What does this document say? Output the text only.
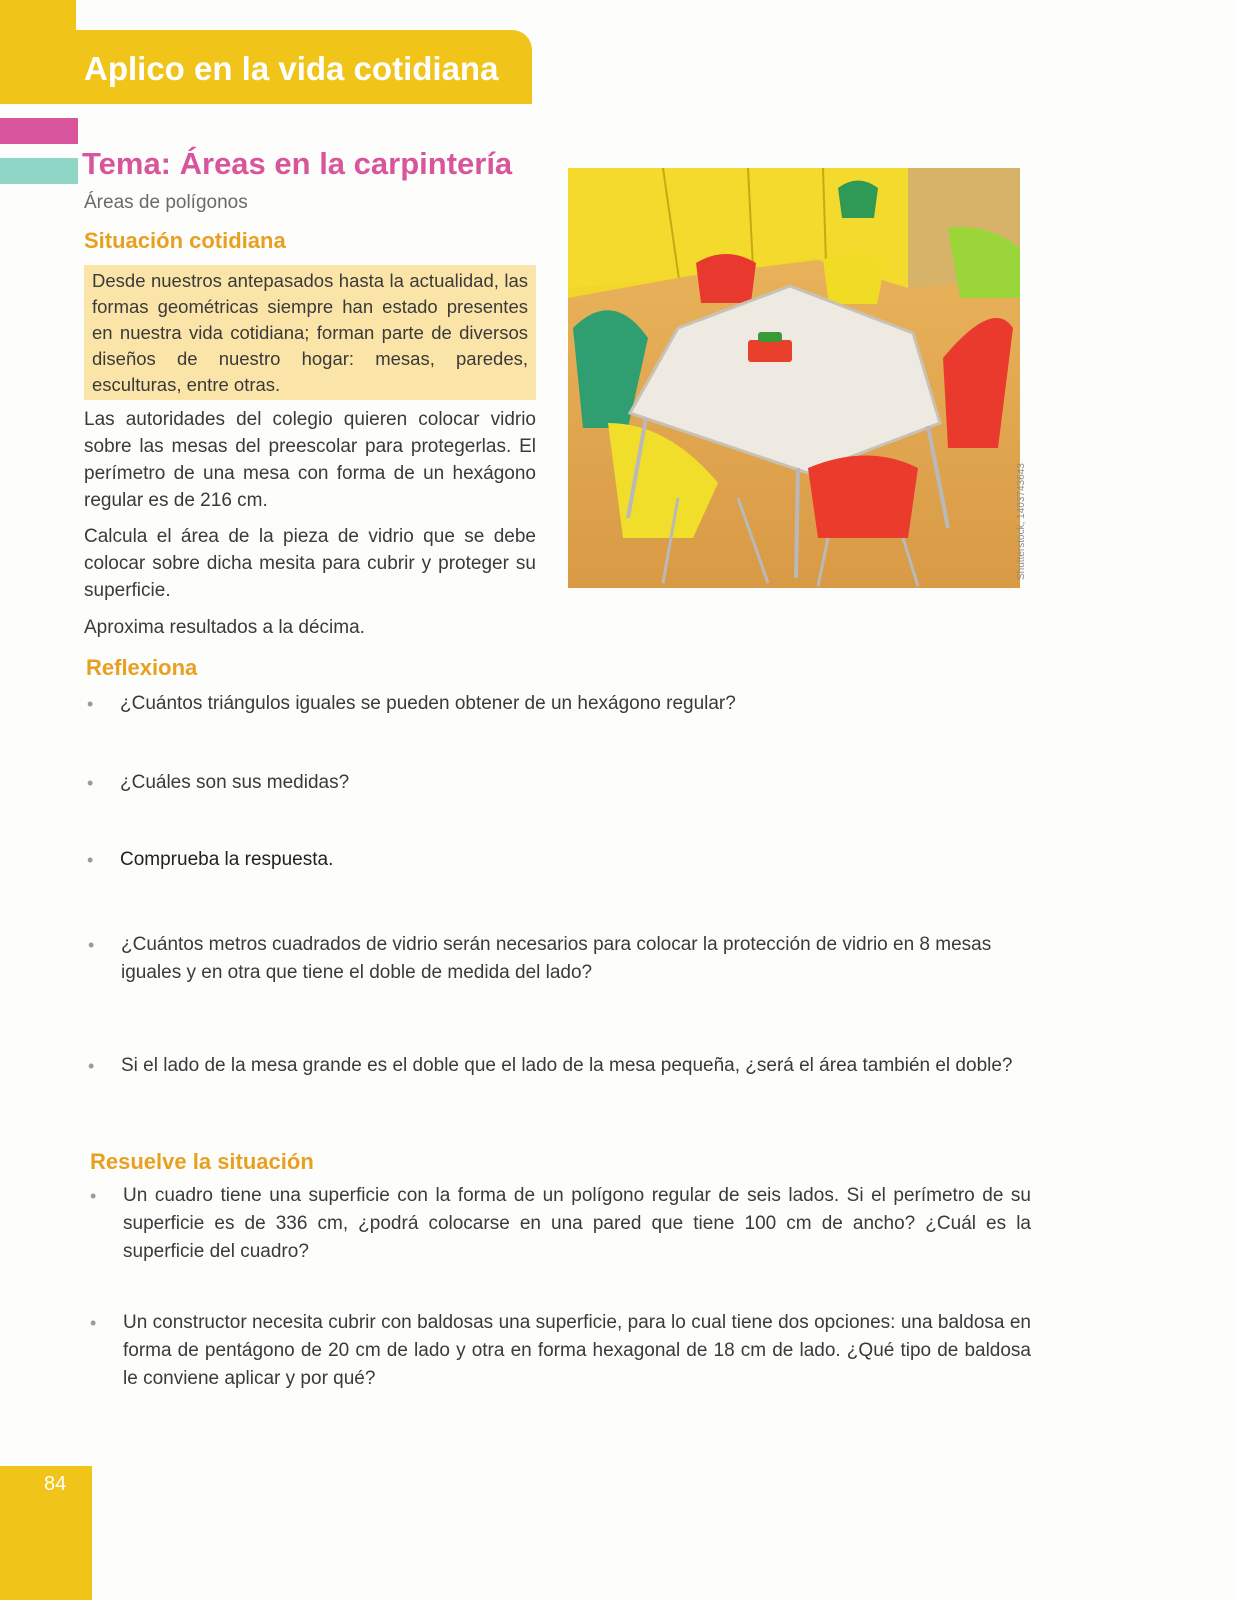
Aplico en la vida cotidiana
Tema: Áreas en la carpintería
Áreas de polígonos
Situación cotidiana
Desde nuestros antepasados hasta la actualidad, las formas geométricas siempre han estado presentes en nuestra vida cotidiana; forman parte de diversos diseños de nuestro hogar: mesas, paredes, esculturas, entre otras.
Las autoridades del colegio quieren colocar vidrio sobre las mesas del preescolar para protegerlas. El perímetro de una mesa con forma de un hexágono regular es de 216 cm.
Calcula el área de la pieza de vidrio que se debe colocar sobre dicha mesita para cubrir y proteger su superficie.
Aproxima resultados a la décima.
Shutterstock, 1403743643
Reflexiona
• ¿Cuántos triángulos iguales se pueden obtener de un hexágono regular?
• ¿Cuáles son sus medidas?
• Comprueba la respuesta.
• ¿Cuántos metros cuadrados de vidrio serán necesarios para colocar la protección de vidrio en 8 mesas iguales y en otra que tiene el doble de medida del lado?
• Si el lado de la mesa grande es el doble que el lado de la mesa pequeña, ¿será el área también el doble?
Resuelve la situación
• Un cuadro tiene una superficie con la forma de un polígono regular de seis lados. Si el perímetro de su superficie es de 336 cm, ¿podrá colocarse en una pared que tiene 100 cm de ancho? ¿Cuál es la superficie del cuadro?
• Un constructor necesita cubrir con baldosas una superficie, para lo cual tiene dos opciones: una baldosa en forma de pentágono de 20 cm de lado y otra en forma hexagonal de 18 cm de lado. ¿Qué tipo de baldosa le conviene aplicar y por qué?
84
